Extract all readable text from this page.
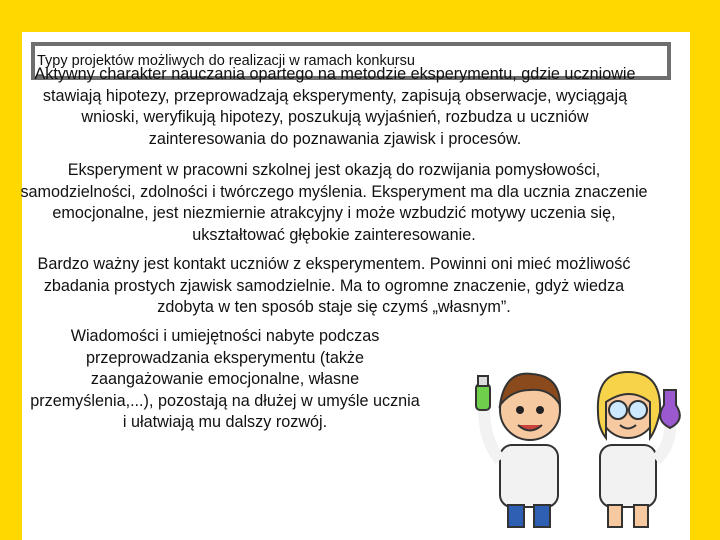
Typy projektów możliwych do realizacji w ramach konkursu
Aktywny charakter nauczania opartego na metodzie eksperymentu, gdzie uczniowie stawiają hipotezy, przeprowadzają eksperymenty, zapisują obserwacje, wyciągają wnioski, weryfikują hipotezy, poszukują wyjaśnień, rozbudza u uczniów zainteresowania do poznawania zjawisk i procesów.
Eksperyment w pracowni szkolnej jest okazją do rozwijania pomysłowości, samodzielności, zdolności i twórczego myślenia. Eksperyment ma dla ucznia znaczenie emocjonalne, jest niezmiernie atrakcyjny i może wzbudzić motywy uczenia się, ukształtować głębokie zainteresowanie.
Bardzo ważny jest kontakt uczniów z eksperymentem. Powinni oni mieć możliwość zbadania prostych zjawisk samodzielnie. Ma to ogromne znaczenie, gdyż wiedza zdobyta w ten sposób staje się czymś „własnym”.
Wiadomości i umiejętności nabyte podczas przeprowadzania eksperymentu (także zaangażowanie emocjonalne, własne przemyślenia,...), pozostają na dłużej w umyśle ucznia i ułatwiają mu dalszy rozwój.
